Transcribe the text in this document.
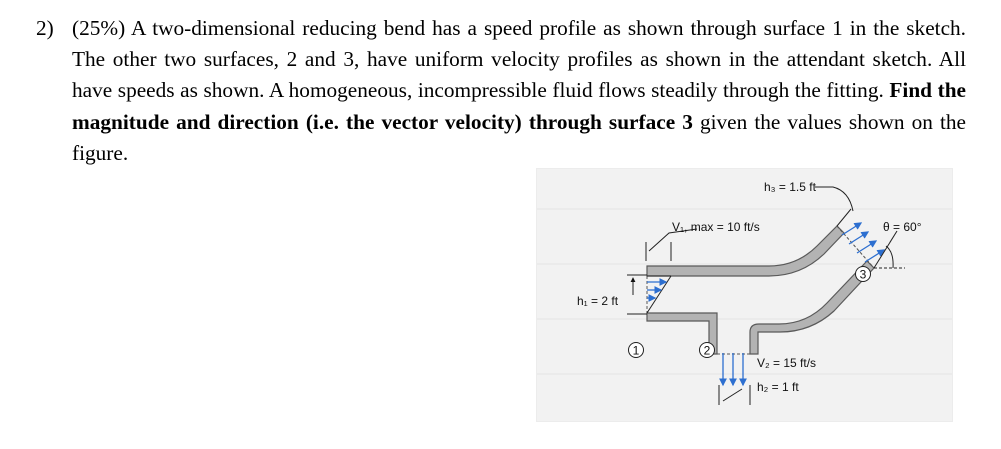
2) (25%) A two-dimensional reducing bend has a speed profile as shown through surface 1 in the sketch. The other two surfaces, 2 and 3, have uniform velocity profiles as shown in the attendant sketch. All have speeds as shown. A homogeneous, incompressible fluid flows steadily through the fitting. Find the magnitude and direction (i.e. the vector velocity) through surface 3 given the values shown on the figure.
1	2
3
h₃ = 1.5 ft
θ = 60°
V₁, max = 10 ft/s
h₁ = 2 ft
V₂ = 15 ft/s
h₂ = 1 ft
